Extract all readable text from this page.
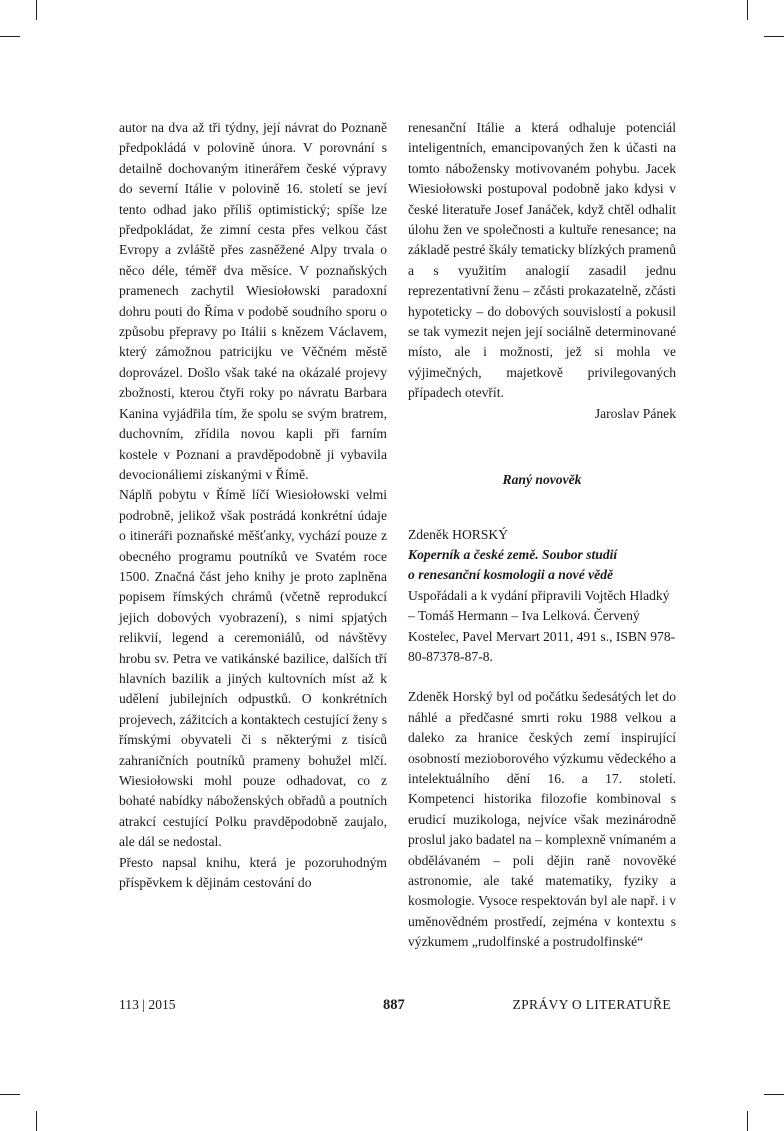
autor na dva až tři týdny, její návrat do Poznaně předpokládá v polovině února. V porovnání s detailně dochovaným itinerářem české výpravy do severní Itálie v polovině 16. století se jeví tento odhad jako příliš optimistický; spíše lze předpokládat, že zimní cesta přes velkou část Evropy a zvláště přes zasněžené Alpy trvala o něco déle, téměř dva měsíce. V poznaňských pramenech zachytil Wiesiołowski paradoxní dohru pouti do Říma v podobě soudního sporu o způsobu přepravy po Itálii s knězem Václavem, který zámožnou patricijku ve Věčném městě doprovázel. Došlo však také na okázalé projevy zbožnosti, kterou čtyři roky po návratu Barbara Kanina vyjádřila tím, že spolu se svým bratrem, duchovním, zřídila novou kapli při farním kostele v Poznani a pravděpodobně ji vybavila devocionáliemi získanými v Římě.

Náplň pobytu v Římě líčí Wiesiołowski velmi podrobně, jelikož však postrádá konkrétní údaje o itineráři poznaňské měšťanky, vychází pouze z obecného programu poutníků ve Svatém roce 1500. Značná část jeho knihy je proto zaplněna popisem římských chrámů (včetně reprodukcí jejich dobových vyobrazení), s nimi spjatých relikvií, legend a ceremoniálů, od návštěvy hrobu sv. Petra ve vatikánské bazilice, dalších tří hlavních bazilik a jiných kultovních míst až k udělení jubilejních odpustků. O konkrétních projevech, zážitcích a kontaktech cestující ženy s římskými obyvateli či s některými z tisíců zahraničních poutníků prameny bohužel mlčí. Wiesiołowski mohl pouze odhadovat, co z bohaté nabídky náboženských obřadů a poutních atrakcí cestující Polku pravděpodobně zaujalo, ale dál se nedostal.

Přesto napsal knihu, která je pozoruhodným příspěvkem k dějinám cestování do

renesanční Itálie a která odhaluje potenciál inteligentních, emancipovaných žen k účasti na tomto nábožensky motivovaném pohybu. Jacek Wiesiołowski postupoval podobně jako kdysi v české literatuře Josef Janáček, když chtěl odhalit úlohu žen ve společnosti a kultuře renesance; na základě pestré škály tematicky blízkých pramenů a s využitím analogií zasadil jednu reprezentativní ženu – zčásti prokazatelně, zčásti hypoteticky – do dobových souvislostí a pokusil se tak vymezit nejen její sociálně determinované místo, ale i možnosti, jež si mohla ve výjimečných, majetkově privilegovaných případech otevřít.

Jaroslav Pánek

Raný novověk

Zdeněk HORSKÝ

Koperník a české země. Soubor studií

o renesanční kosmologii a nové vědě

Uspořádali a k vydání připravili Vojtěch Hladký – Tomáš Hermann – Iva Lelková. Červený Kostelec, Pavel Mervart 2011, 491 s., ISBN 978-80-87378-87-8.

Zdeněk Horský byl od počátku šedesátých let do náhlé a předčasné smrti roku 1988 velkou a daleko za hranice českých zemí inspirující osobností mezioborového výzkumu vědeckého a intelektuálního dění 16. a 17. století. Kompetenci historika filozofie kombinoval s erudicí muzikologa, nejvíce však mezinárodně proslul jako badatel na – komplexně vnímaném a obdělávaném – poli dějin raně novověké astronomie, ale také matematiky, fyziky a kosmologie. Vysoce respektován byl ale např. i v uměnovědném prostředí, zejména v kontextu s výzkumem „rudolfinské a postrudolfinské“

113 | 2015	887	ZPRÁVY O LITERATUŘE
